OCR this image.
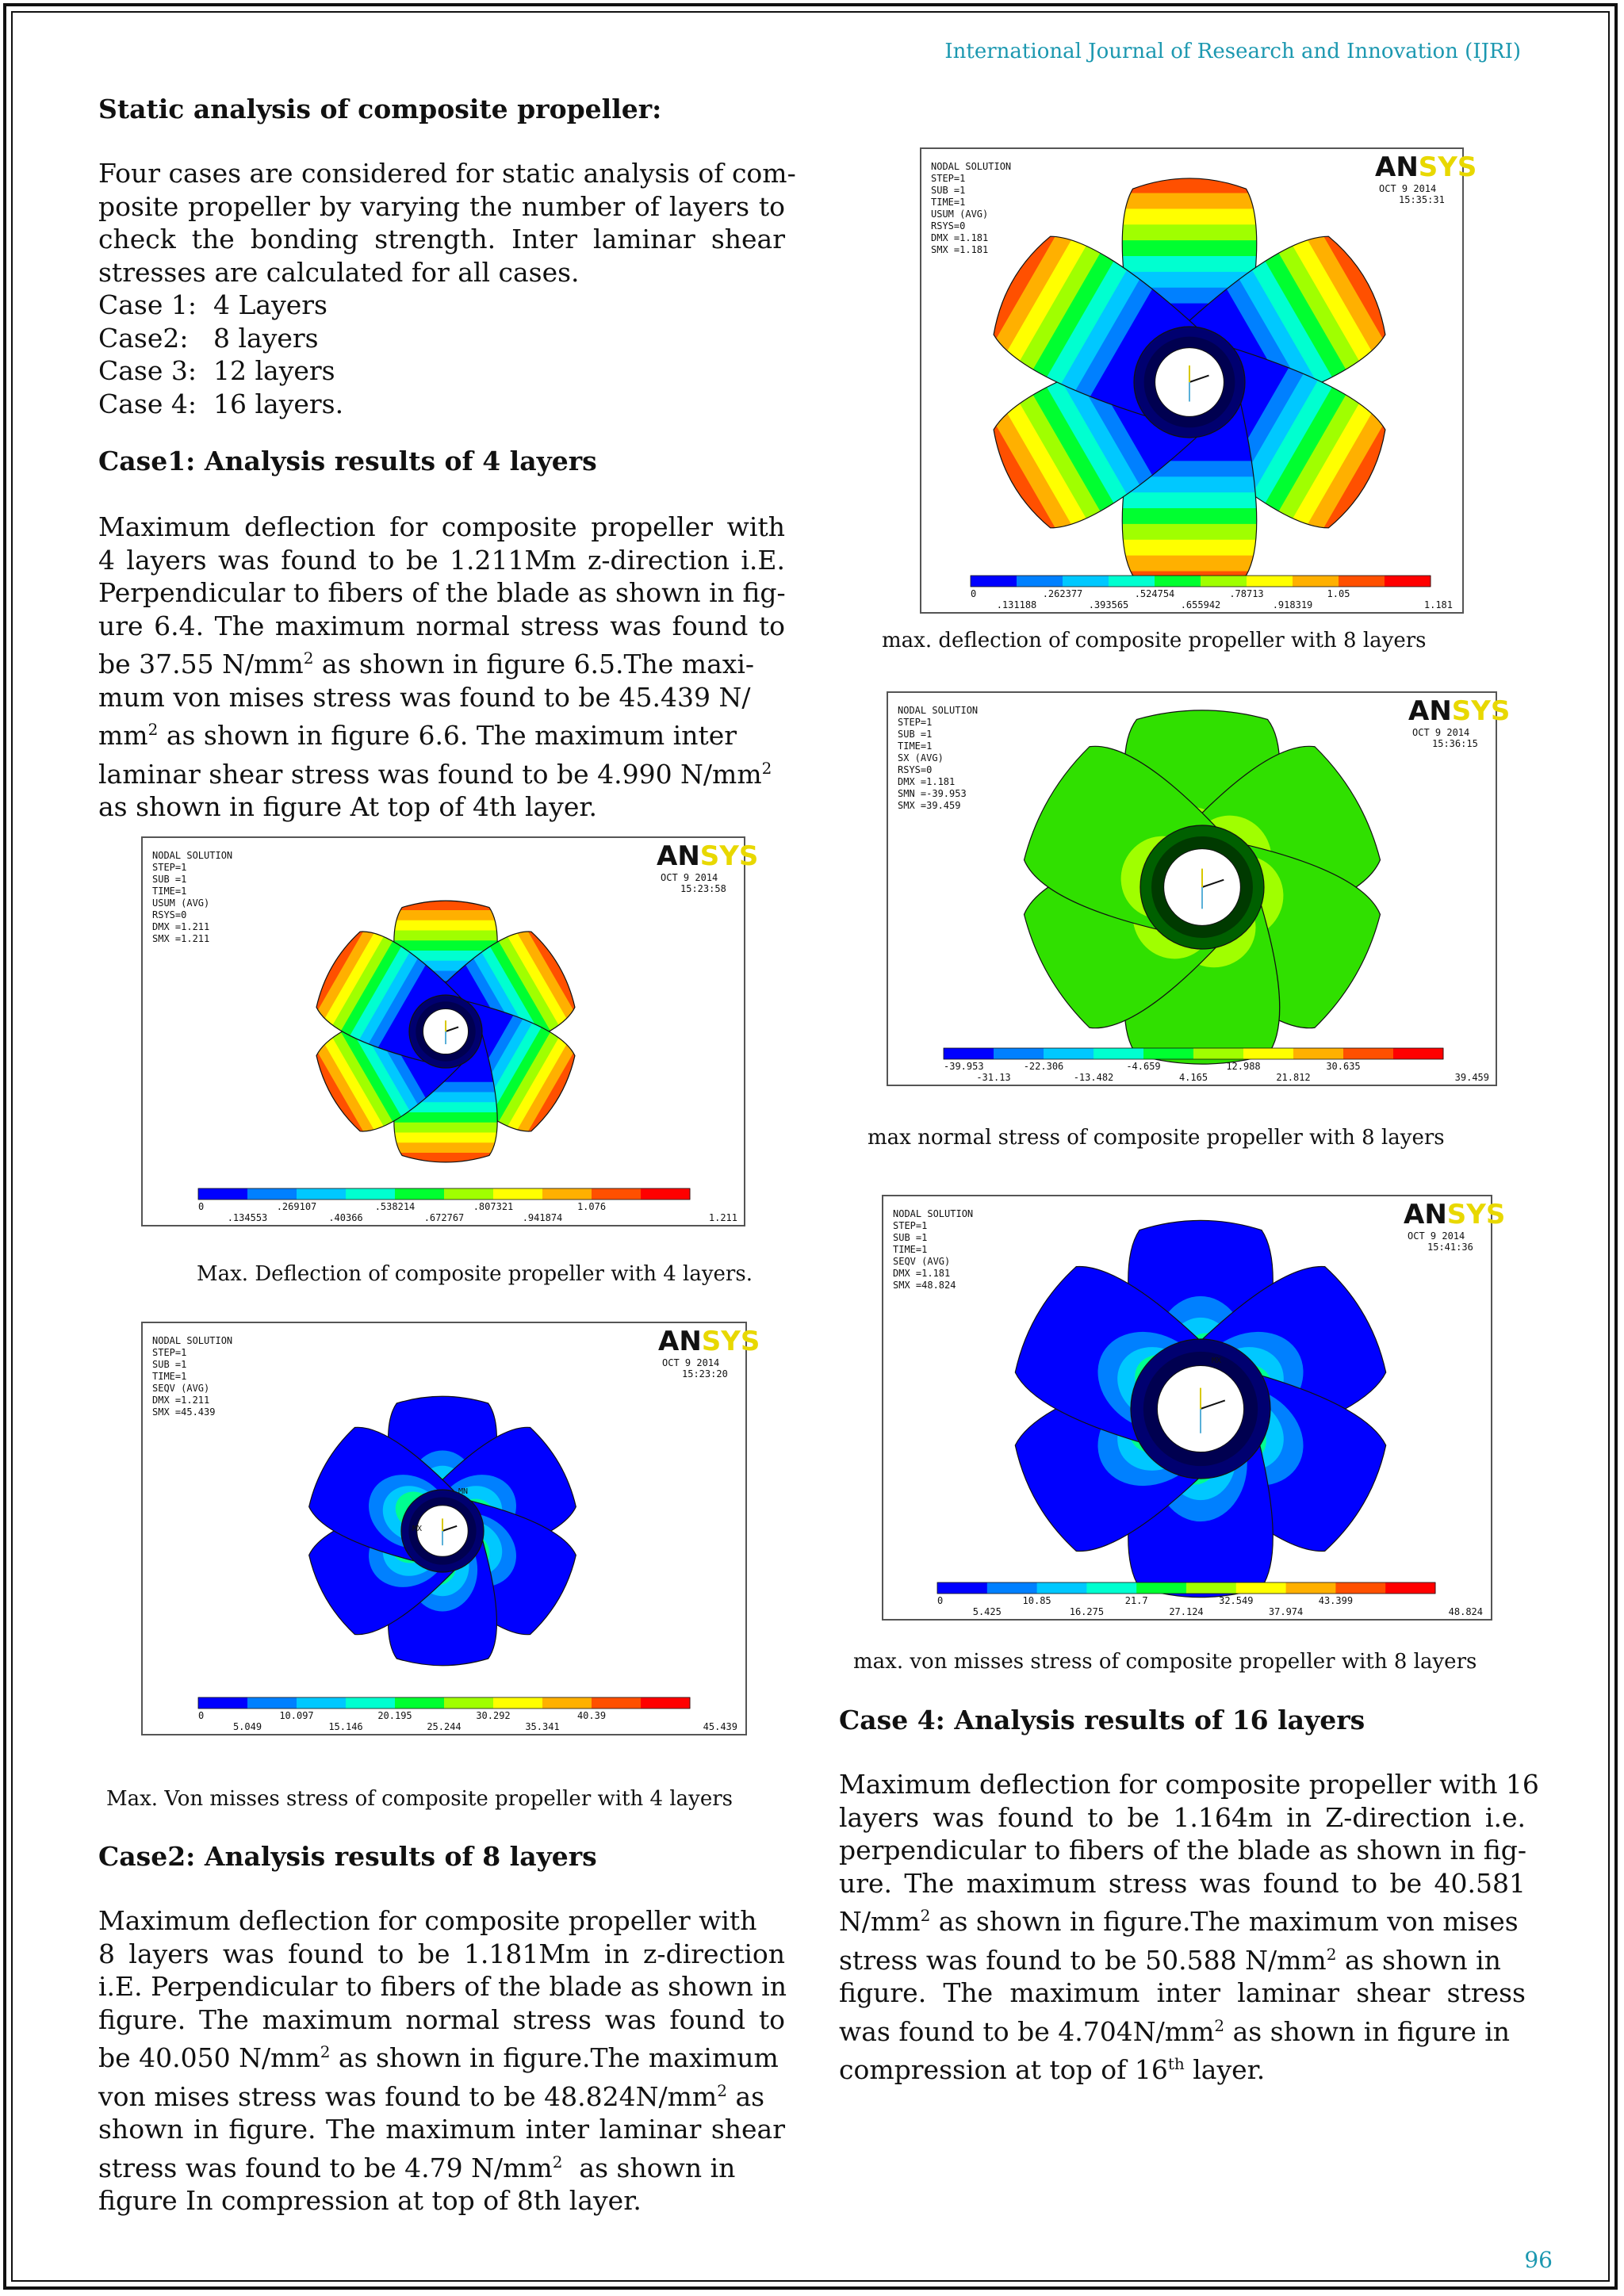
International Journal of Research and Innovation (IJRI)
96
Static analysis of composite propeller:
Four cases are considered for static analysis of com-
posite propeller by varying the number of layers to
check the bonding strength. Inter laminar shear
stresses are calculated for all cases.
Case 1: 4 Layers
Case2: 8 layers
Case 3: 12 layers
Case 4: 16 layers.
Case1: Analysis results of 4 layers
Maximum deflection for composite propeller with
4 layers was found to be 1.211Mm z-direction i.E.
Perpendicular to fibers of the blade as shown in fig-
ure 6.4. The maximum normal stress was found to
be 37.55 $N/mm^2$ as shown in figure 6.5.The maxi-
mum von mises stress was found to be 45.439 N/
$mm^2$ as shown in figure 6.6. The maximum inter
laminar shear stress was found to be 4.990 $N/mm^2$
as shown in figure At top of 4th layer.
NODAL SOLUTION
STEP=1
SUB =1
TIME=1
USUM (AVG)
RSYS=0
DMX =1.211
SMX =1.211
ANSYS
OCT 9 2014
15:23:58
0	.269107	.538214	.807321	1.076
.134553	.40366	.672767	.941874	1.211
Max. Deflection of composite propeller with 4 layers.
NODAL SOLUTION
STEP=1
SUB =1
TIME=1
SEQV (AVG)
DMX =1.211
SMX =45.439
ANSYS
OCT 9 2014
15:23:20
MN
MX
0	10.097	20.195	30.292	40.39
5.049	15.146	25.244	35.341	45.439
Max. Von misses stress of composite propeller with 4 layers
Case2: Analysis results of 8 layers
Maximum deflection for composite propeller with
8 layers was found to be 1.181Mm in z-direction
i.E. Perpendicular to fibers of the blade as shown in
figure. The maximum normal stress was found to
be 40.050 $N/mm^2$ as shown in figure.The maximum
von mises stress was found to be $48.824N/mm^2$ as
shown in figure. The maximum inter laminar shear
stress was found to be 4.79 $N/mm^2$  as shown in
figure In compression at top of 8th layer.
NODAL SOLUTION
STEP=1
SUB =1
TIME=1
USUM (AVG)
RSYS=0
DMX =1.181
SMX =1.181
ANSYS
OCT 9 2014
15:35:31
0	.262377	.524754	.78713	1.05
.131188	.393565	.655942	.918319	1.181
max. deflection of composite propeller with 8 layers
NODAL SOLUTION
STEP=1
SUB =1
TIME=1
SX (AVG)
RSYS=0
DMX =1.181
SMN =-39.953
SMX =39.459
ANSYS
OCT 9 2014
15:36:15
-39.953	-22.306	-4.659	12.988	30.635
-31.13	-13.482	4.165	21.812	39.459
max normal stress of composite propeller with 8 layers
NODAL SOLUTION
STEP=1
SUB =1
TIME=1
SEQV (AVG)
DMX =1.181
SMX =48.824
ANSYS
OCT 9 2014
15:41:36
MX
0	10.85	21.7	32.549	43.399
5.425	16.275	27.124	37.974	48.824
max. von misses stress of composite propeller with 8 layers
Case 4: Analysis results of 16 layers
Maximum deflection for composite propeller with 16
layers was found to be 1.164m in Z-direction i.e.
perpendicular to fibers of the blade as shown in fig-
ure. The maximum stress was found to be 40.581
$N/mm^2$ as shown in figure.The maximum von mises
stress was found to be 50.588 $N/mm^2$ as shown in
figure. The maximum inter laminar shear stress
was found to be $4.704N/mm^2$ as shown in figure in
compression at top of 16th layer.
